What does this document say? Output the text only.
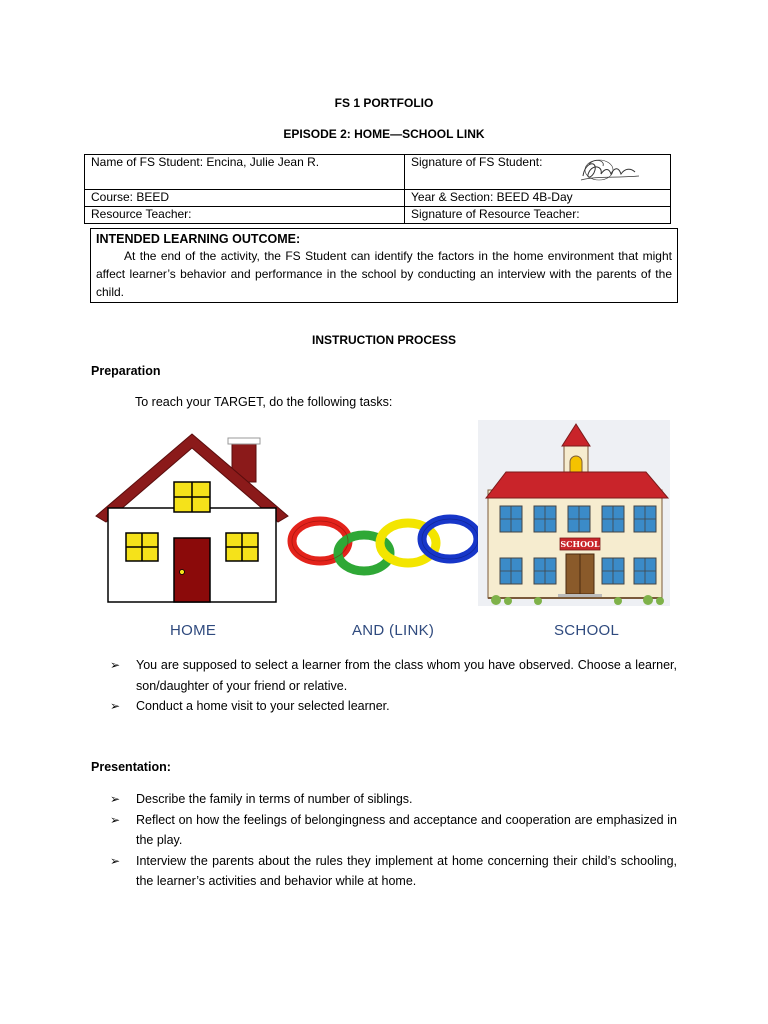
FS 1 PORTFOLIO
EPISODE 2: HOME—SCHOOL LINK
Name of FS Student: Encina, Julie Jean R.	Signature of FS Student:

Course: BEED	Year & Section: BEED 4B-Day
Resource Teacher:	Signature of Resource Teacher:
INTENDED LEARNING OUTCOME:
At the end of the activity, the FS Student can identify the factors in the home environment that might affect learner’s behavior and performance in the school by conducting an interview with the parents of the child.
INSTRUCTION PROCESS
Preparation
To reach your TARGET, do the following tasks:
SCHOOL
HOME	AND (LINK)	SCHOOL
➢ You are supposed to select a learner from the class whom you have observed. Choose a learner, son/daughter of your friend or relative.
➢ Conduct a home visit to your selected learner.
Presentation:
➢ Describe the family in terms of number of siblings.
➢ Reflect on how the feelings of belongingness and acceptance and cooperation are emphasized in the play.
➢ Interview the parents about the rules they implement at home concerning their child’s schooling, the learner’s activities and behavior while at home.
